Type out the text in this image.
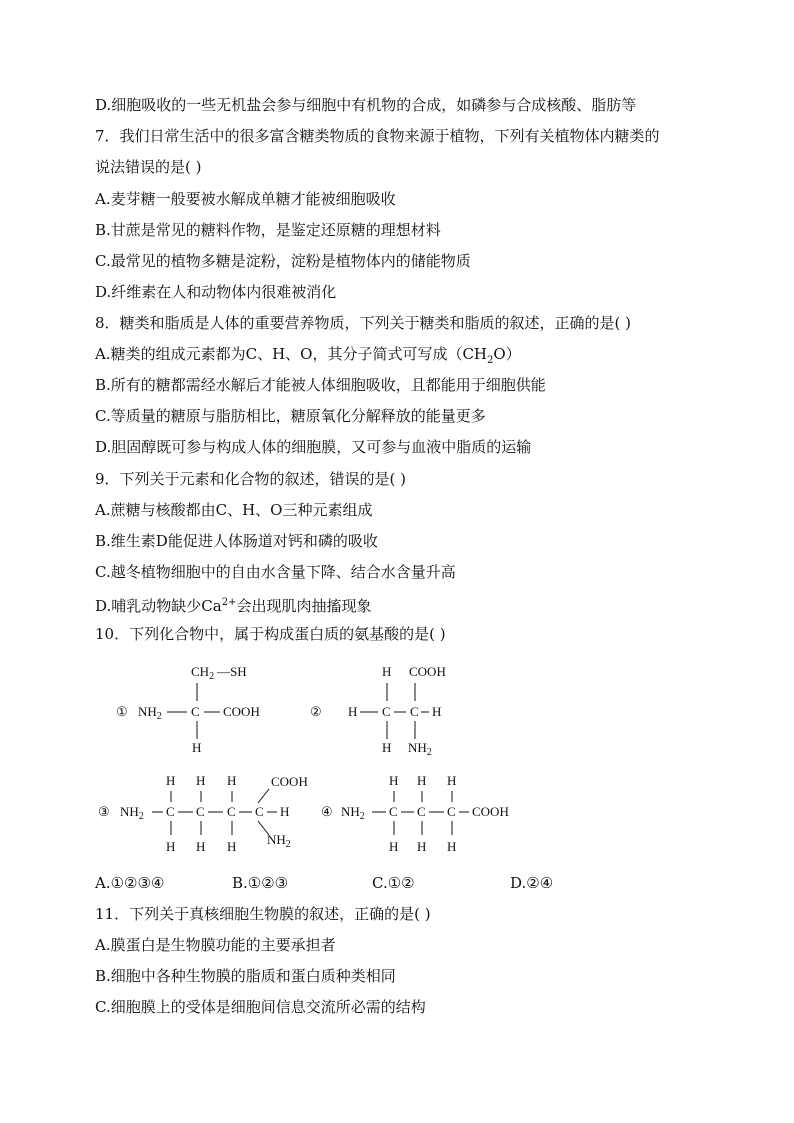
D.细胞吸收的一些无机盐会参与细胞中有机物的合成，如磷参与合成核酸、脂肪等
7．我们日常生活中的很多富含糖类物质的食物来源于植物，下列有关植物体内糖类的
说法错误的是( )
A.麦芽糖一般要被水解成单糖才能被细胞吸收
B.甘蔗是常见的糖料作物，是鉴定还原糖的理想材料
C.最常见的植物多糖是淀粉，淀粉是植物体内的储能物质
D.纤维素在人和动物体内很难被消化
8．糖类和脂质是人体的重要营养物质，下列关于糖类和脂质的叙述，正确的是( )
A.糖类的组成元素都为C、H、O，其分子简式可写成$(CH_2O)$
B.所有的糖都需经水解后才能被人体细胞吸收，且都能用于细胞供能
C.等质量的糖原与脂肪相比，糖原氧化分解释放的能量更多
D.胆固醇既可参与构成人体的细胞膜，又可参与血液中脂质的运输
9．下列关于元素和化合物的叙述，错误的是( )
A.蔗糖与核酸都由C、H、O三种元素组成
B.维生素D能促进人体肠道对钙和磷的吸收
C.越冬植物细胞中的自由水含量下降、结合水含量升高
D.哺乳动物缺少$Ca^{2+}$会出现肌肉抽搐现象
10．下列化合物中，属于构成蛋白质的氨基酸的是( )
①
$CH_2$ —SH
$NH_2$ C COOH
H
②
H COOH
H C C H
H $NH_2$
③ $NH_2$ C C C C H
H H H
H H H
COOH
$NH_2$
④ $NH_2$ C C C COOH
H H H
H H H
A.①②③④	B.①②③	C.①②	D.②④
11．下列关于真核细胞生物膜的叙述，正确的是( )
A.膜蛋白是生物膜功能的主要承担者
B.细胞中各种生物膜的脂质和蛋白质种类相同
C.细胞膜上的受体是细胞间信息交流所必需的结构
